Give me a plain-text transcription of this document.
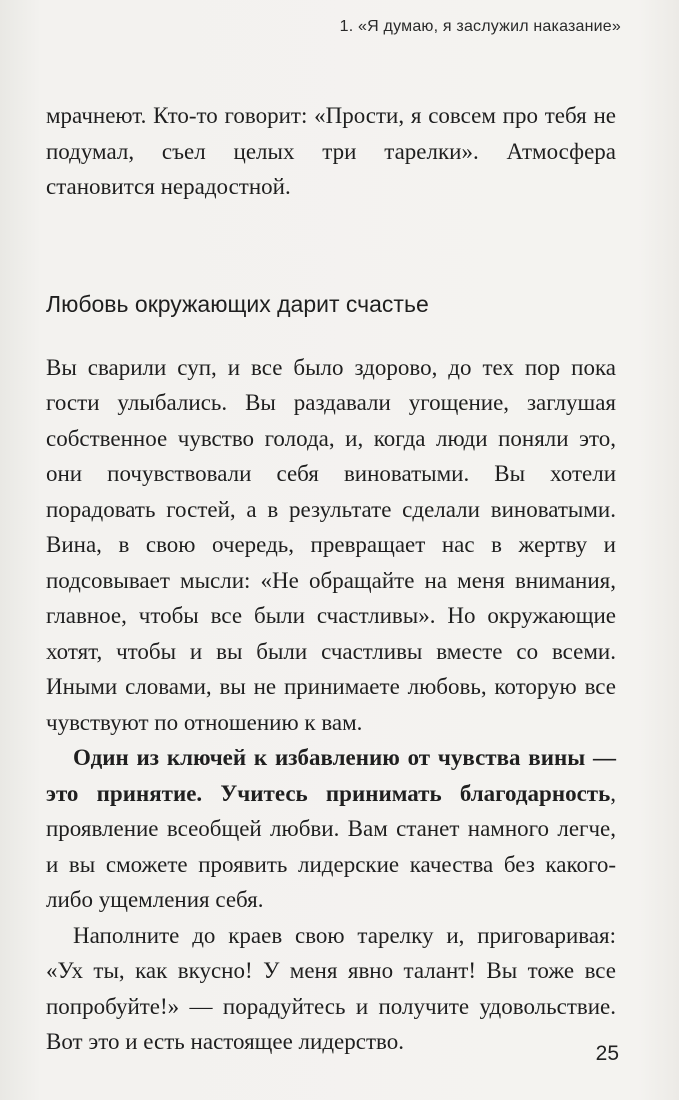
1. «Я думаю, я заслужил наказание»

мрачнеют. Кто-то говорит: «Прости, я совсем про тебя не подумал, съел целых три тарелки». Атмосфера становится нерадостной.

Любовь окружающих дарит счастье

Вы сварили суп, и все было здорово, до тех пор пока гости улыбались. Вы раздавали угощение, заглушая собственное чувство голода, и, когда люди поняли это, они почувствовали себя виноватыми. Вы хотели порадовать гостей, а в результате сделали виноватыми. Вина, в свою очередь, превращает нас в жертву и подсовывает мысли: «Не обращайте на меня внимания, главное, чтобы все были счастливы». Но окружающие хотят, чтобы и вы были счастливы вместе со всеми. Иными словами, вы не принимаете любовь, которую все чувствуют по отношению к вам.

Один из ключей к избавлению от чувства вины — это принятие. Учитесь принимать благодарность, проявление всеобщей любви. Вам станет намного легче, и вы сможете проявить лидерские качества без какого-либо ущемления себя.

Наполните до краев свою тарелку и, приговаривая: «Ух ты, как вкусно! У меня явно талант! Вы тоже все попробуйте!» — порадуйтесь и получите удовольствие. Вот это и есть настоящее лидерство.	25
